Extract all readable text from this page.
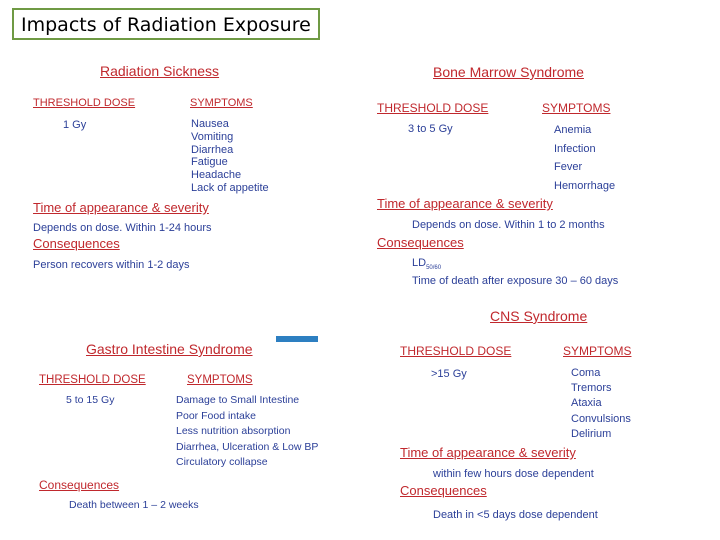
Impacts of Radiation Exposure
Radiation Sickness
THRESHOLD DOSE	SYMPTOMS
1 Gy	Nausea
Vomiting
Diarrhea
Fatigue
Headache
Lack of appetite
Time of appearance & severity
Depends on dose. Within 1-24 hours
Consequences
Person recovers within 1-2 days
Bone Marrow Syndrome
THRESHOLD DOSE	SYMPTOMS
3 to 5 Gy	Anemia
Infection
Fever
Hemorrhage
Time of appearance & severity
Depends on dose. Within 1 to 2 months
Consequences
$LD_{50/60}$
Time of death after exposure 30 – 60 days
Gastro Intestine Syndrome
THRESHOLD DOSE	SYMPTOMS
5 to 15 Gy	Damage to Small Intestine
Poor Food intake
Less nutrition absorption
Diarrhea, Ulceration & Low BP
Circulatory collapse
Consequences
Death between 1 – 2 weeks
CNS Syndrome
THRESHOLD DOSE	SYMPTOMS
>15 Gy	Coma
Tremors
Ataxia
Convulsions
Delirium
Time of appearance & severity
within few hours dose dependent
Consequences
Death in <5 days dose dependent
